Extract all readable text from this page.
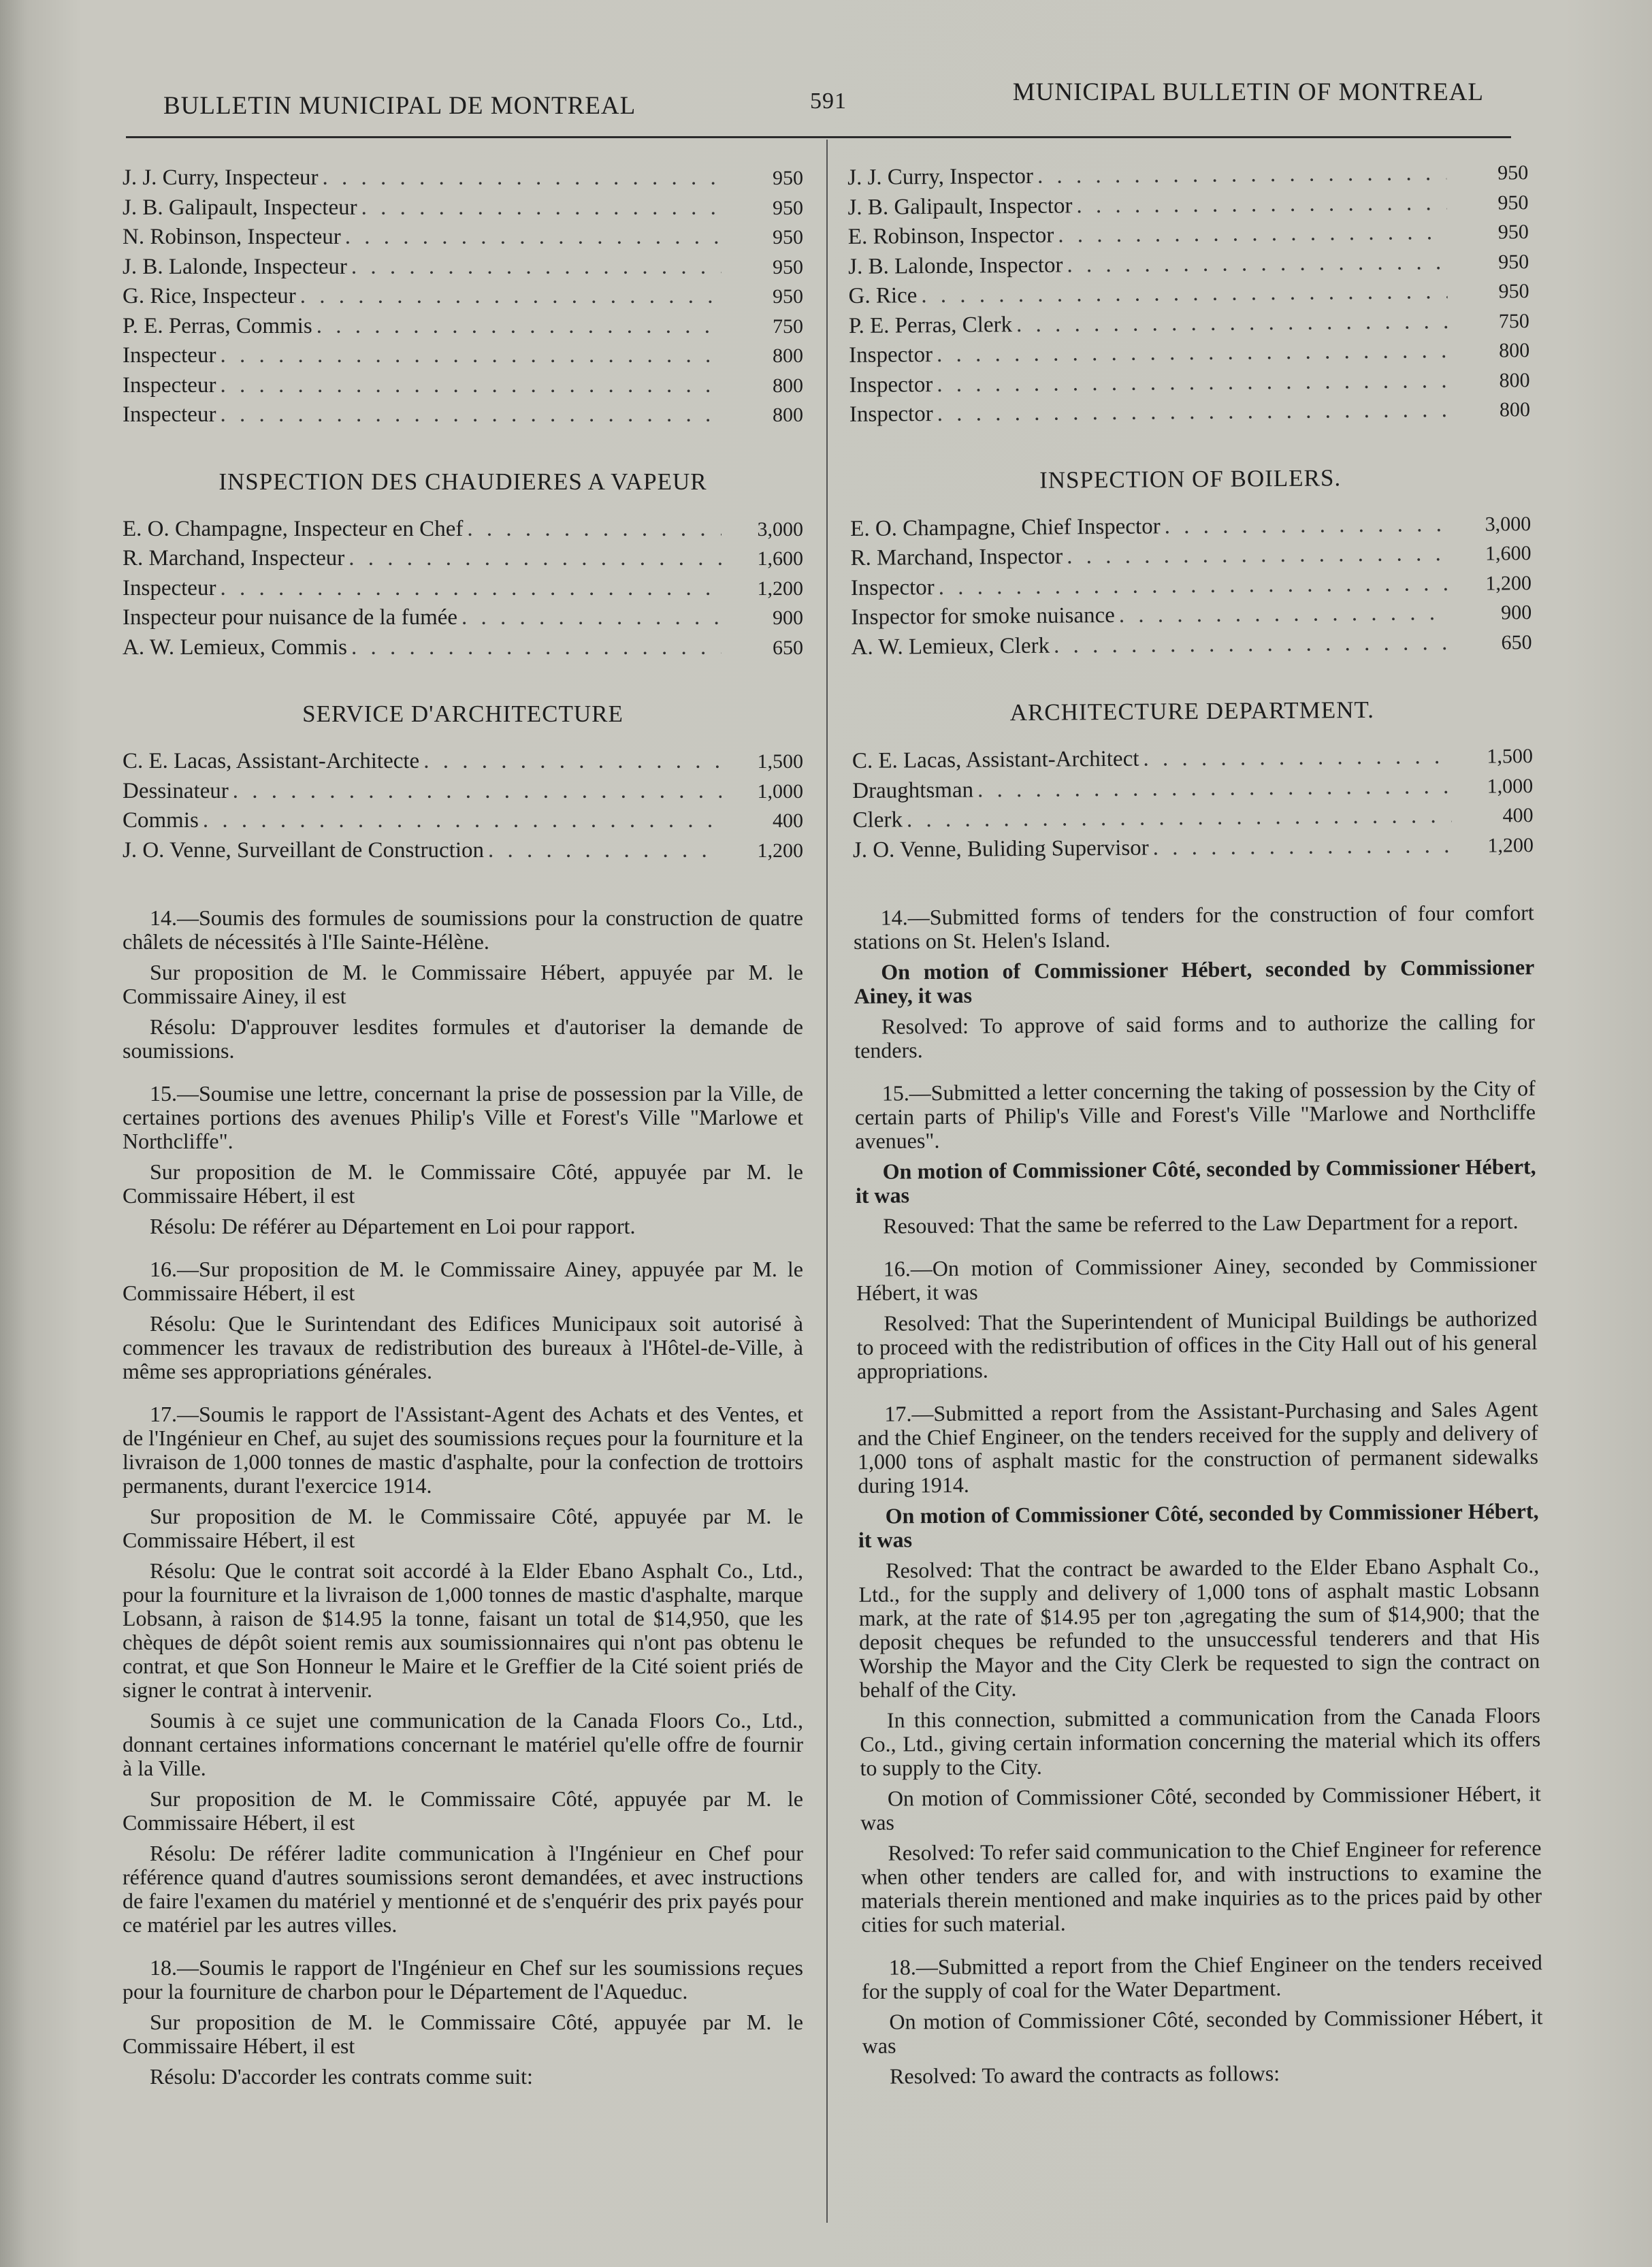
BULLETIN MUNICIPAL DE MONTREAL	591	MUNICIPAL BULLETIN OF MONTREAL
J. J. Curry, Inspecteur . . .	950
J. B. Galipault, Inspecteur . . .	950
N. Robinson, Inspecteur . . .	950
J. B. Lalonde, Inspecteur . . .	950
G. Rice, Inspecteur . . .	950
P. E. Perras, Commis . . .	750
Inspecteur . . .	800
Inspecteur . . .	800
Inspecteur . . .	800
INSPECTION DES CHAUDIERES A VAPEUR
E. O. Champagne, Inspecteur en Chef . . .	3,000
R. Marchand, Inspecteur . . .	1,600
Inspecteur . . .	1,200
Inspecteur pour nuisance de la fumée . . .	900
A. W. Lemieux, Commis . . .	650
SERVICE D'ARCHITECTURE
C. E. Lacas, Assistant-Architecte . . .	1,500
Dessinateur . . .	1,000
Commis . . .	400
J. O. Venne, Surveillant de Construction . . .	1,200

14.—Soumis des formules de soumissions pour la construction de quatre châlets de nécessités à l'Ile Sainte-Hélène.

Sur proposition de M. le Commissaire Hébert, appuyée par M. le Commissaire Ainey, il est

Résolu: D'approuver lesdites formules et d'autoriser la demande de soumissions.

15.—Soumise une lettre, concernant la prise de possession par la Ville, de certaines portions des avenues Philip's Ville et Forest's Ville "Marlowe et Northcliffe".

Sur proposition de M. le Commissaire Côté, appuyée par M. le Commissaire Hébert, il est

Résolu: De référer au Département en Loi pour rapport.

16.—Sur proposition de M. le Commissaire Ainey, appuyée par M. le Commissaire Hébert, il est

Résolu: Que le Surintendant des Edifices Municipaux soit autorisé à commencer les travaux de redistribution des bureaux à l'Hôtel-de-Ville, à même ses appropriations générales.

17.—Soumis le rapport de l'Assistant-Agent des Achats et des Ventes, et de l'Ingénieur en Chef, au sujet des soumissions reçues pour la fourniture et la livraison de 1,000 tonnes de mastic d'asphalte, pour la confection de trottoirs permanents, durant l'exercice 1914.

Sur proposition de M. le Commissaire Côté, appuyée par M. le Commissaire Hébert, il est

Résolu: Que le contrat soit accordé à la Elder Ebano Asphalt Co., Ltd., pour la fourniture et la livraison de 1,000 tonnes de mastic d'asphalte, marque Lobsann, à raison de $14.95 la tonne, faisant un total de $14,950, que les chèques de dépôt soient remis aux soumissionnaires qui n'ont pas obtenu le contrat, et que Son Honneur le Maire et le Greffier de la Cité soient priés de signer le contrat à intervenir.

Soumis à ce sujet une communication de la Canada Floors Co., Ltd., donnant certaines informations concernant le matériel qu'elle offre de fournir à la Ville.

Sur proposition de M. le Commissaire Côté, appuyée par M. le Commissaire Hébert, il est

Résolu: De référer ladite communication à l'Ingénieur en Chef pour référence quand d'autres soumissions seront demandées, et avec instructions de faire l'examen du matériel y mentionné et de s'enquérir des prix payés pour ce matériel par les autres villes.

18.—Soumis le rapport de l'Ingénieur en Chef sur les soumissions reçues pour la fourniture de charbon pour le Département de l'Aqueduc.

Sur proposition de M. le Commissaire Côté, appuyée par M. le Commissaire Hébert, il est

Résolu: D'accorder les contrats comme suit:

J. J. Curry, Inspector . . .	950
J. B. Galipault, Inspector . . .	950
E. Robinson, Inspector . . .	950
J. B. Lalonde, Inspector . . .	950
G. Rice . . .	950
P. E. Perras, Clerk . . .	750
Inspector . . .	800
Inspector . . .	800
Inspector . . .	800
INSPECTION OF BOILERS.
E. O. Champagne, Chief Inspector . . .	3,000
R. Marchand, Inspector . . .	1,600
Inspector . . .	1,200
Inspector for smoke nuisance . . .	900
A. W. Lemieux, Clerk . . .	650
ARCHITECTURE DEPARTMENT.
C. E. Lacas, Assistant-Architect . . .	1,500
Draughtsman . . .	1,000
Clerk . . .	400
J. O. Venne, Buliding Supervisor . . .	1,200

14.—Submitted forms of tenders for the construction of four comfort stations on St. Helen's Island.

On motion of Commissioner Hébert, seconded by Commissioner Ainey, it was

Resolved: To approve of said forms and to authorize the calling for tenders.

15.—Submitted a letter concerning the taking of possession by the City of certain parts of Philip's Ville and Forest's Ville "Marlowe and Northcliffe avenues".

On motion of Commissioner Côté, seconded by Commissioner Hébert, it was

Resouved: That the same be referred to the Law Department for a report.

16.—On motion of Commissioner Ainey, seconded by Commissioner Hébert, it was

Resolved: That the Superintendent of Municipal Buildings be authorized to proceed with the redistribution of offices in the City Hall out of his general appropriations.

17.—Submitted a report from the Assistant-Purchasing and Sales Agent and the Chief Engineer, on the tenders received for the supply and delivery of 1,000 tons of asphalt mastic for the construction of permanent sidewalks during 1914.

On motion of Commissioner Côté, seconded by Commissioner Hébert, it was

Resolved: That the contract be awarded to the Elder Ebano Asphalt Co., Ltd., for the supply and delivery of 1,000 tons of asphalt mastic Lobsann mark, at the rate of $14.95 per ton ,agregating the sum of $14,900; that the deposit cheques be refunded to the unsuccessful tenderers and that His Worship the Mayor and the City Clerk be requested to sign the contract on behalf of the City.

In this connection, submitted a communication from the Canada Floors Co., Ltd., giving certain information concerning the material which its offers to supply to the City.

On motion of Commissioner Côté, seconded by Commissioner Hébert, it was

Resolved: To refer said communication to the Chief Engineer for reference when other tenders are called for, and with instructions to examine the materials therein mentioned and make inquiries as to the prices paid by other cities for such material.

18.—Submitted a report from the Chief Engineer on the tenders received for the supply of coal for the Water Department.

On motion of Commissioner Côté, seconded by Commissioner Hébert, it was

Resolved: To award the contracts as follows:
